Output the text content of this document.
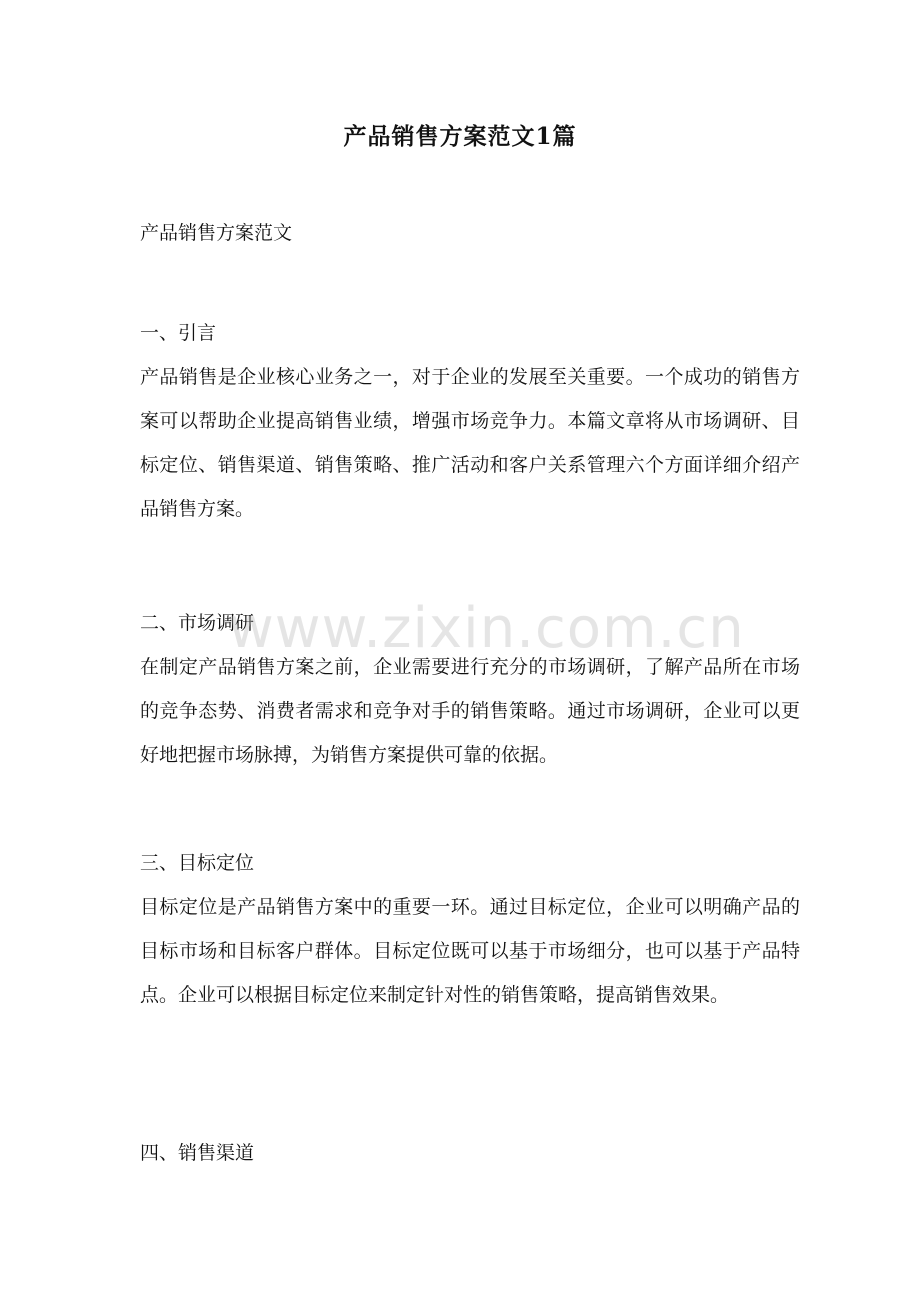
产品销售方案范文1篇
产品销售方案范文
一、引言
产品销售是企业核心业务之一，对于企业的发展至关重要。一个成功的销售方案可以帮助企业提高销售业绩，增强市场竞争力。本篇文章将从市场调研、目标定位、销售渠道、销售策略、推广活动和客户关系管理六个方面详细介绍产品销售方案。
二、市场调研
在制定产品销售方案之前，企业需要进行充分的市场调研，了解产品所在市场的竞争态势、消费者需求和竞争对手的销售策略。通过市场调研，企业可以更好地把握市场脉搏，为销售方案提供可靠的依据。
三、目标定位
目标定位是产品销售方案中的重要一环。通过目标定位，企业可以明确产品的目标市场和目标客户群体。目标定位既可以基于市场细分，也可以基于产品特点。企业可以根据目标定位来制定针对性的销售策略，提高销售效果。
四、销售渠道
www.zixin.com.cn
